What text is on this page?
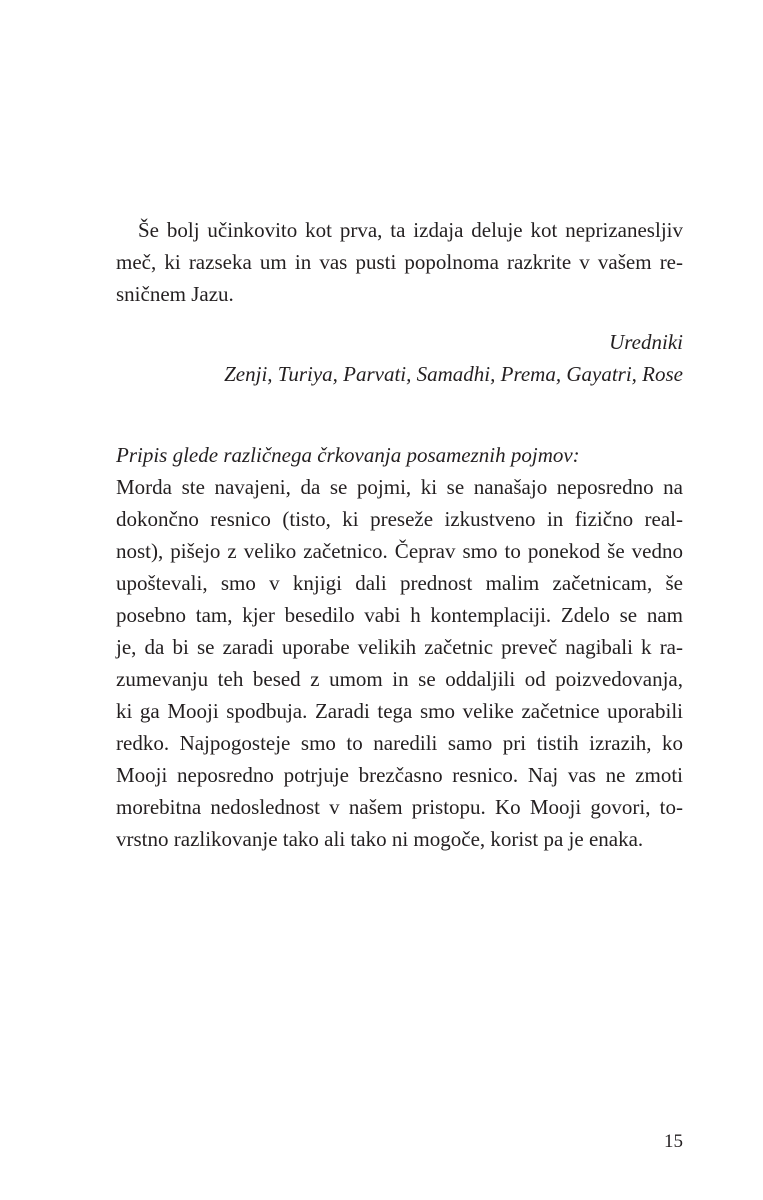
Še bolj učinkovito kot prva, ta izdaja deluje kot neprizanesljiv
meč, ki razseka um in vas pusti popolnoma razkrite v vašem re-
sničnem Jazu.
Uredniki
Zenji, Turiya, Parvati, Samadhi, Prema, Gayatri, Rose
Pripis glede različnega črkovanja posameznih pojmov:
Morda ste navajeni, da se pojmi, ki se nanašajo neposredno na
dokončno resnico (tisto, ki preseže izkustveno in fizično real-
nost), pišejo z veliko začetnico. Čeprav smo to ponekod še vedno
upoštevali, smo v knjigi dali prednost malim začetnicam, še
posebno tam, kjer besedilo vabi h kontemplaciji. Zdelo se nam
je, da bi se zaradi uporabe velikih začetnic preveč nagibali k ra-
zumevanju teh besed z umom in se oddaljili od poizvedovanja,
ki ga Mooji spodbuja. Zaradi tega smo velike začetnice uporabili
redko. Najpogosteje smo to naredili samo pri tistih izrazih, ko
Mooji neposredno potrjuje brezčasno resnico. Naj vas ne zmoti
morebitna nedoslednost v našem pristopu. Ko Mooji govori, to-
vrstno razlikovanje tako ali tako ni mogoče, korist pa je enaka.
15
